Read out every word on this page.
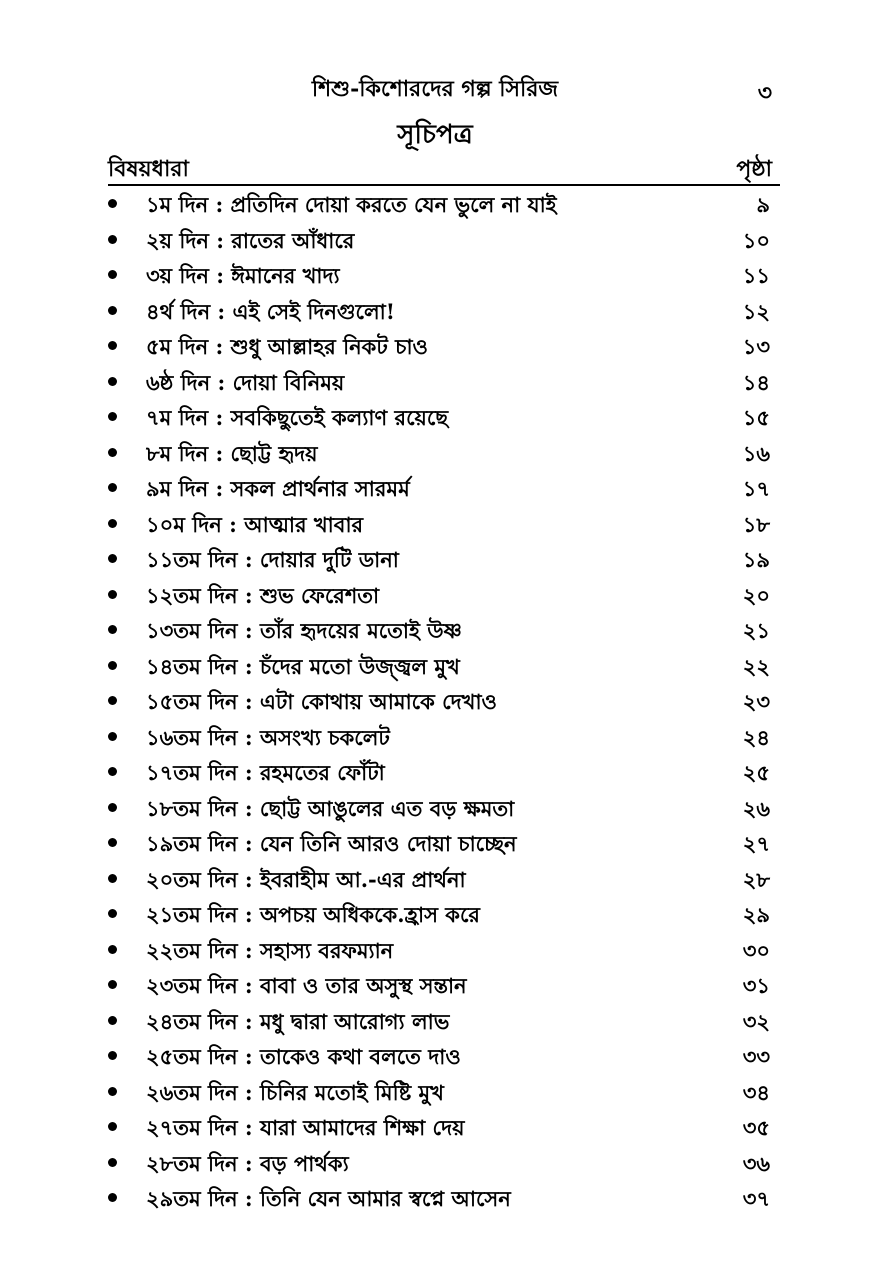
শিশু-কিশোরদের গল্প সিরিজ	৩
সূচিপত্র
বিষয়ধারা	পৃষ্ঠা
১ম দিন : প্রতিদিন দোয়া করতে যেন ভুলে না যাই	৯
২য় দিন : রাতের আঁধারে	১০
৩য় দিন : ঈমানের খাদ্য	১১
৪র্থ দিন : এই সেই দিনগুলো!	১২
৫ম দিন : শুধু আল্লাহর নিকট চাও	১৩
৬ষ্ঠ দিন : দোয়া বিনিময়	১৪
৭ম দিন : সবকিছুতেই কল্যাণ রয়েছে	১৫
৮ম দিন : ছোট্ট হৃদয়	১৬
৯ম দিন : সকল প্রার্থনার সারমর্ম	১৭
১০ম দিন : আত্মার খাবার	১৮
১১তম দিন : দোয়ার দুটি ডানা	১৯
১২তম দিন : শুভ ফেরেশতা	২০
১৩তম দিন : তাঁর হৃদয়ের মতোই উষ্ণ	২১
১৪তম দিন : চঁদের মতো উজ্জ্বল মুখ	২২
১৫তম দিন : এটা কোথায় আমাকে দেখাও	২৩
১৬তম দিন : অসংখ্য চকলেট	২৪
১৭তম দিন : রহমতের ফোঁটা	২৫
১৮তম দিন : ছোট্ট আঙুলের এত বড় ক্ষমতা	২৬
১৯তম দিন : যেন তিনি আরও দোয়া চাচ্ছেন	২৭
২০তম দিন : ইবরাহীম আ.-এর প্রার্থনা	২৮
২১তম দিন : অপচয় অধিককে.হ্রাস করে	২৯
২২তম দিন : সহাস্য বরফম্যান	৩০
২৩তম দিন : বাবা ও তার অসুস্থ সন্তান	৩১
২৪তম দিন : মধু দ্বারা আরোগ্য লাভ	৩২
২৫তম দিন : তাকেও কথা বলতে দাও	৩৩
২৬তম দিন : চিনির মতোই মিষ্টি মুখ	৩৪
২৭তম দিন : যারা আমাদের শিক্ষা দেয়	৩৫
২৮তম দিন : বড় পার্থক্য	৩৬
২৯তম দিন : তিনি যেন আমার স্বপ্নে আসেন	৩৭
